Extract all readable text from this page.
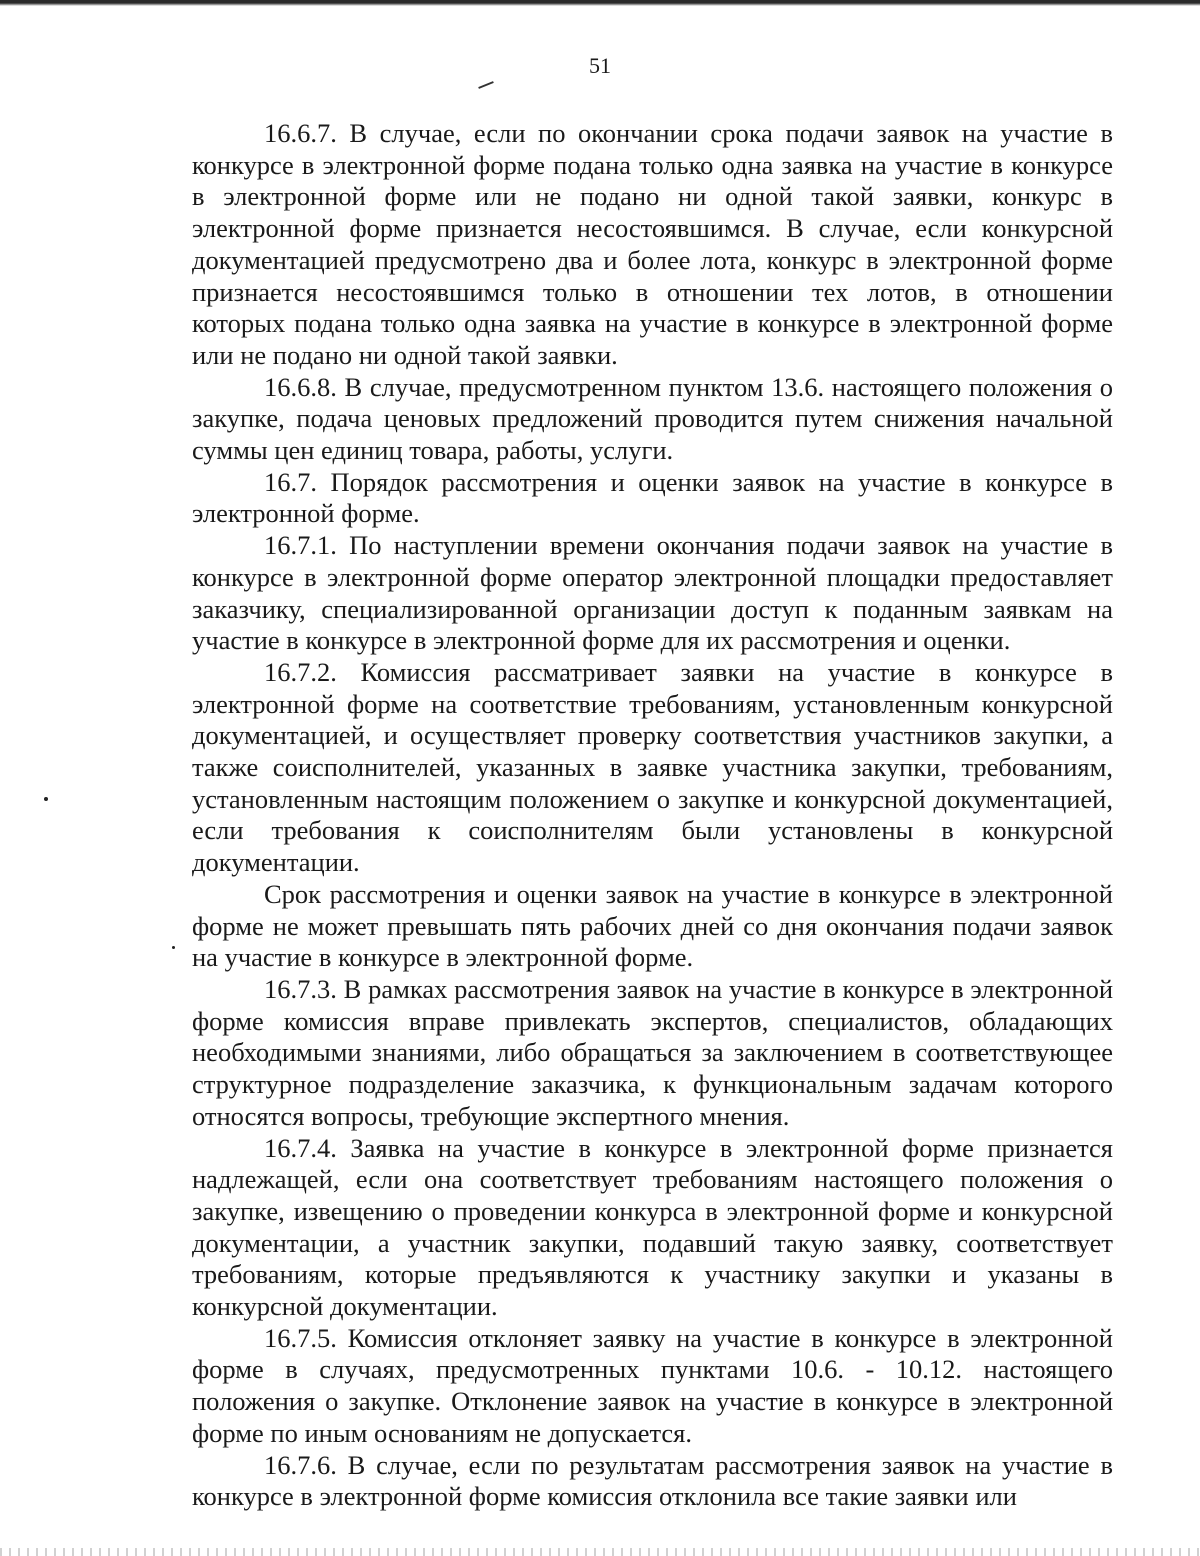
51

16.6.7. В случае, если по окончании срока подачи заявок на участие в конкурсе в электронной форме подана только одна заявка на участие в конкурсе в электронной форме или не подано ни одной такой заявки, конкурс в электронной форме признается несостоявшимся. В случае, если конкурсной документацией предусмотрено два и более лота, конкурс в электронной форме признается несостоявшимся только в отношении тех лотов, в отношении которых подана только одна заявка на участие в конкурсе в электронной форме или не подано ни одной такой заявки.

16.6.8. В случае, предусмотренном пунктом 13.6. настоящего положения о закупке, подача ценовых предложений проводится путем снижения начальной суммы цен единиц товара, работы, услуги.

16.7. Порядок рассмотрения и оценки заявок на участие в конкурсе в электронной форме.

16.7.1. По наступлении времени окончания подачи заявок на участие в конкурсе в электронной форме оператор электронной площадки предоставляет заказчику, специализированной организации доступ к поданным заявкам на участие в конкурсе в электронной форме для их рассмотрения и оценки.

16.7.2. Комиссия рассматривает заявки на участие в конкурсе в электронной форме на соответствие требованиям, установленным конкурсной документацией, и осуществляет проверку соответствия участников закупки, а также соисполнителей, указанных в заявке участника закупки, требованиям, установленным настоящим положением о закупке и конкурсной документацией, если требования к соисполнителям были установлены в конкурсной документации.

Срок рассмотрения и оценки заявок на участие в конкурсе в электронной форме не может превышать пять рабочих дней со дня окончания подачи заявок на участие в конкурсе в электронной форме.

16.7.3. В рамках рассмотрения заявок на участие в конкурсе в электронной форме комиссия вправе привлекать экспертов, специалистов, обладающих необходимыми знаниями, либо обращаться за заключением в соответствующее структурное подразделение заказчика, к функциональным задачам которого относятся вопросы, требующие экспертного мнения.

16.7.4. Заявка на участие в конкурсе в электронной форме признается надлежащей, если она соответствует требованиям настоящего положения о закупке, извещению о проведении конкурса в электронной форме и конкурсной документации, а участник закупки, подавший такую заявку, соответствует требованиям, которые предъявляются к участнику закупки и указаны в конкурсной документации.

16.7.5. Комиссия отклоняет заявку на участие в конкурсе в электронной форме в случаях, предусмотренных пунктами 10.6. - 10.12. настоящего положения о закупке. Отклонение заявок на участие в конкурсе в электронной форме по иным основаниям не допускается.

16.7.6. В случае, если по результатам рассмотрения заявок на участие в конкурсе в электронной форме комиссия отклонила все такие заявки или
